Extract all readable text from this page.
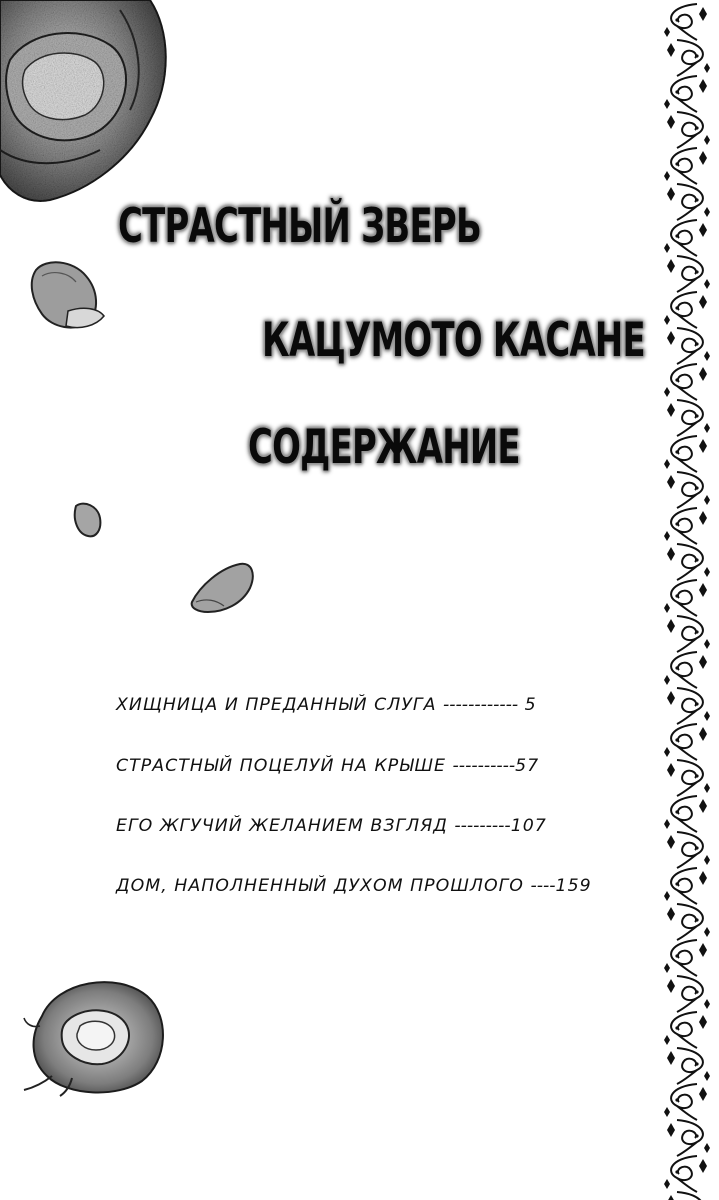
СТРАСТНЫЙ ЗВЕРЬ
КАЦУМОТО КАСАНЕ
СОДЕРЖАНИЕ

ХИЩНИЦА И ПРЕДАННЫЙ СЛУГА ------------ 5

СТРАСТНЫЙ ПОЦЕЛУЙ НА КРЫШЕ ----------57

ЕГО ЖГУЧИЙ ЖЕЛАНИЕМ ВЗГЛЯД ---------107

ДОМ, НАПОЛНЕННЫЙ ДУХОМ ПРОШЛОГО ----159
